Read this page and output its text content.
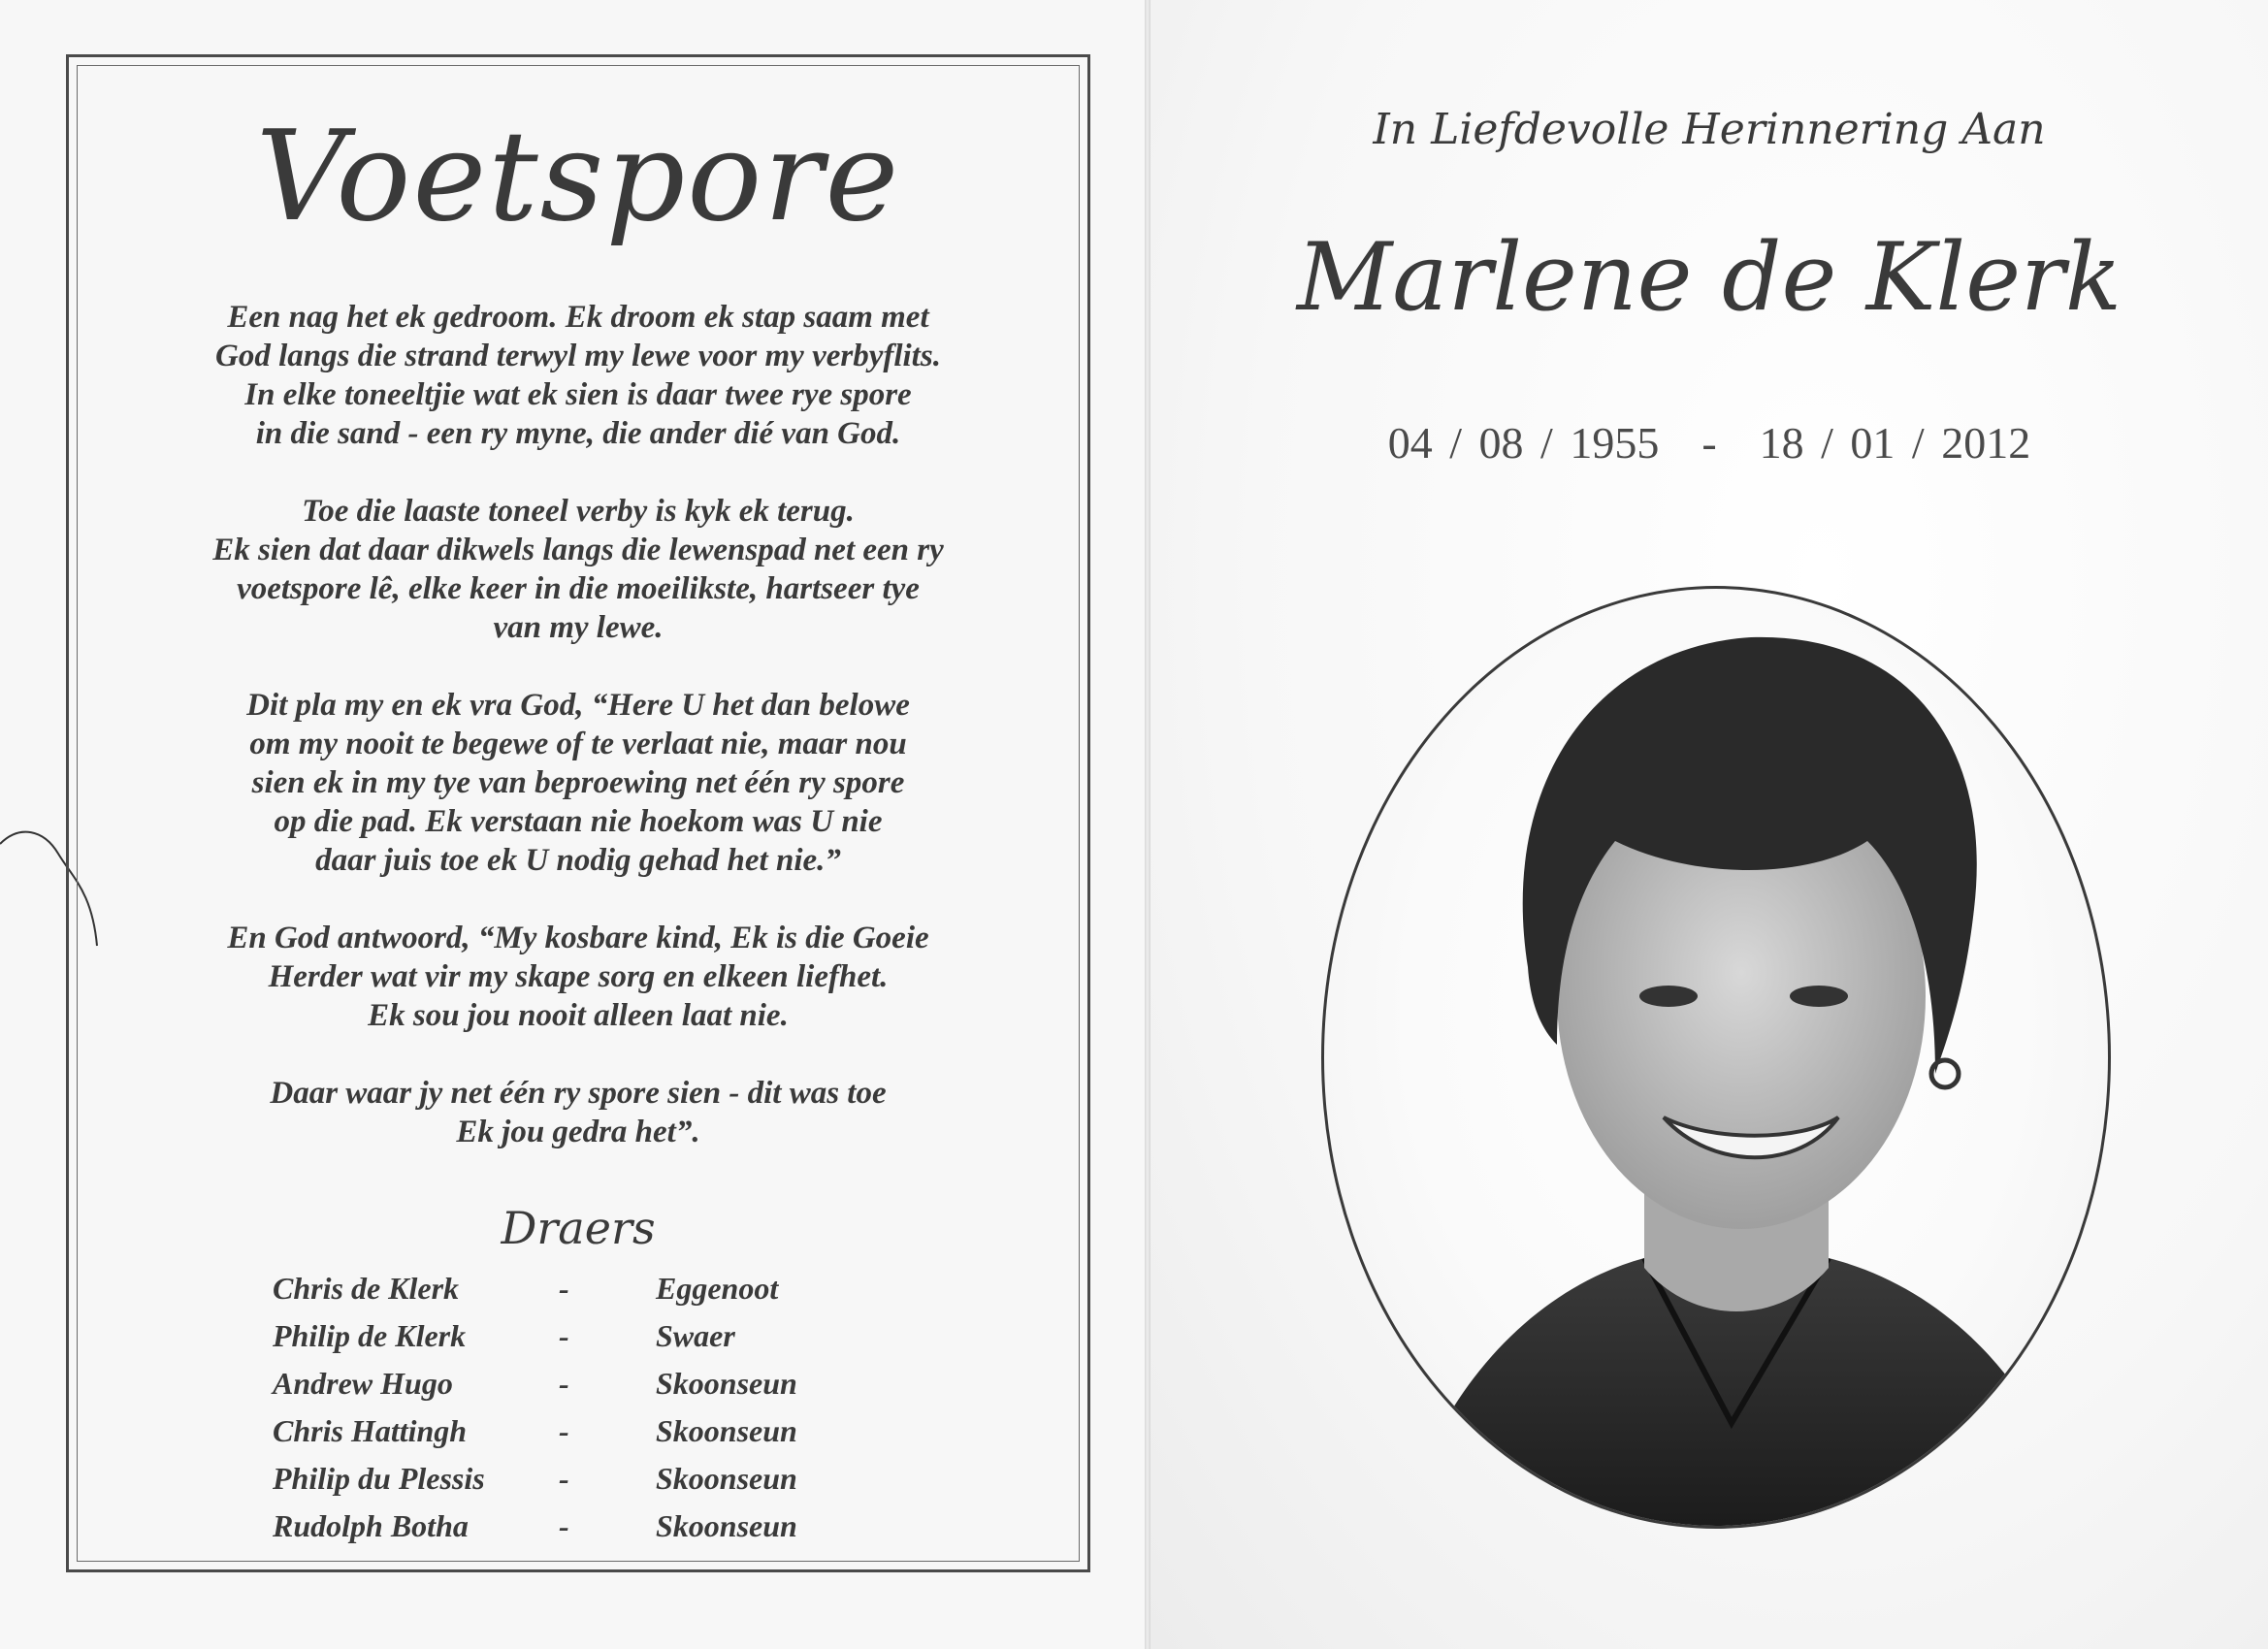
Voetspore

Een nag het ek gedroom. Ek droom ek stap saam met
God langs die strand terwyl my lewe voor my verbyflits.
In elke toneeltjie wat ek sien is daar twee rye spore
in die sand - een ry myne, die ander dié van God.

Toe die laaste toneel verby is kyk ek terug.
Ek sien dat daar dikwels langs die lewenspad net een ry
voetspore lê, elke keer in die moeilikste, hartseer tye
van my lewe.

Dit pla my en ek vra God, “Here U het dan belowe
om my nooit te begewe of te verlaat nie, maar nou
sien ek in my tye van beproewing net één ry spore
op die pad. Ek verstaan nie hoekom was U nie
daar juis toe ek U nodig gehad het nie.”

En God antwoord, “My kosbare kind, Ek is die Goeie
Herder wat vir my skape sorg en elkeen liefhet.
Ek sou jou nooit alleen laat nie.

Daar waar jy net één ry spore sien - dit was toe
Ek jou gedra het”.

Draers
Chris de Klerk	-	Eggenoot
Philip de Klerk	-	Swaer
Andrew Hugo	-	Skoonseun
Chris Hattingh	-	Skoonseun
Philip du Plessis	-	Skoonseun
Rudolph Botha	-	Skoonseun
In Liefdevolle Herinnering Aan
Marlene de Klerk
04 / 08 / 1955 - 18 / 01 / 2012
